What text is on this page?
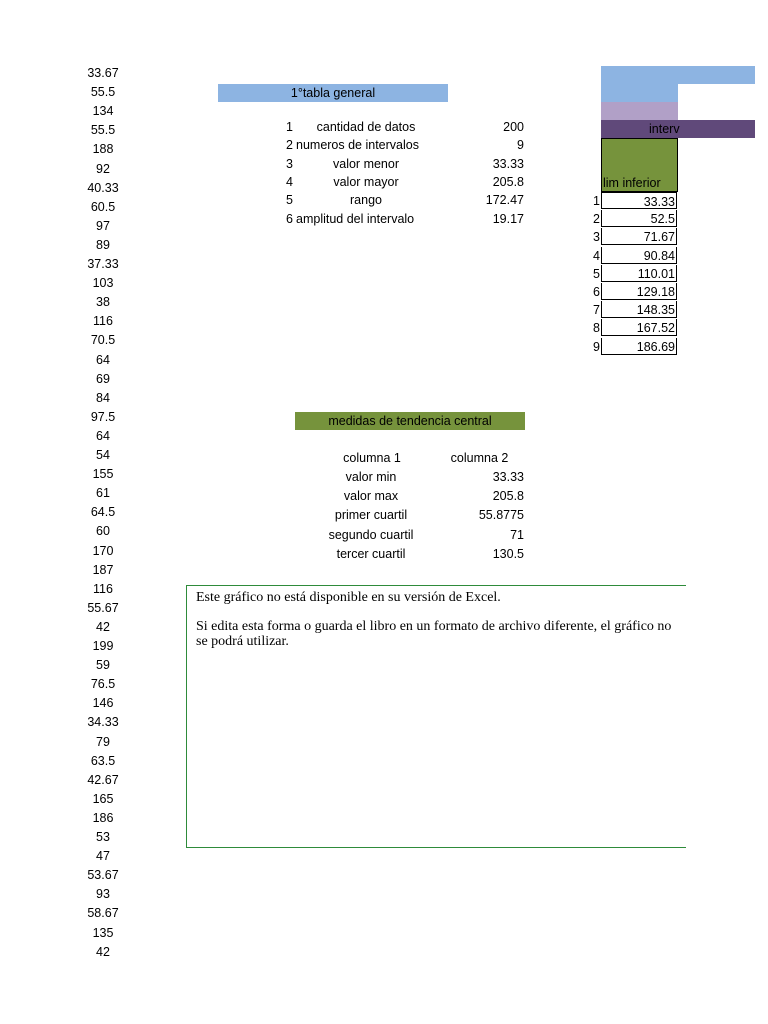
33.67
55.5
134
55.5
188
92
40.33
60.5
97
89
37.33
103
38
116
70.5
64
69
84
97.5
64
54
155
61
64.5
60
170
187
116
55.67
42
199
59
76.5
146
34.33
79
63.5
42.67
165
186
53
47
53.67
93
58.67
135
42
1°tabla general
1	cantidad de datos	200
2 numeros de intervalos	9
3	valor menor	33.33
4	valor mayor	205.8
5	rango	172.47
6 amplitud del intervalo	19.17
medidas de tendencia central
columna 1	columna 2
valor min	33.33
valor max	205.8
primer cuartil	55.8775
segundo cuartil	71
tercer cuartil	130.5
interv
lim inferior
1	33.33
2	52.5
3	71.67
4	90.84
5	110.01
6	129.18
7	148.35
8	167.52
9	186.69

Este gráfico no está disponible en su versión de Excel.

Si edita esta forma o guarda el libro en un formato de archivo diferente, el gráfico no se podrá utilizar.
